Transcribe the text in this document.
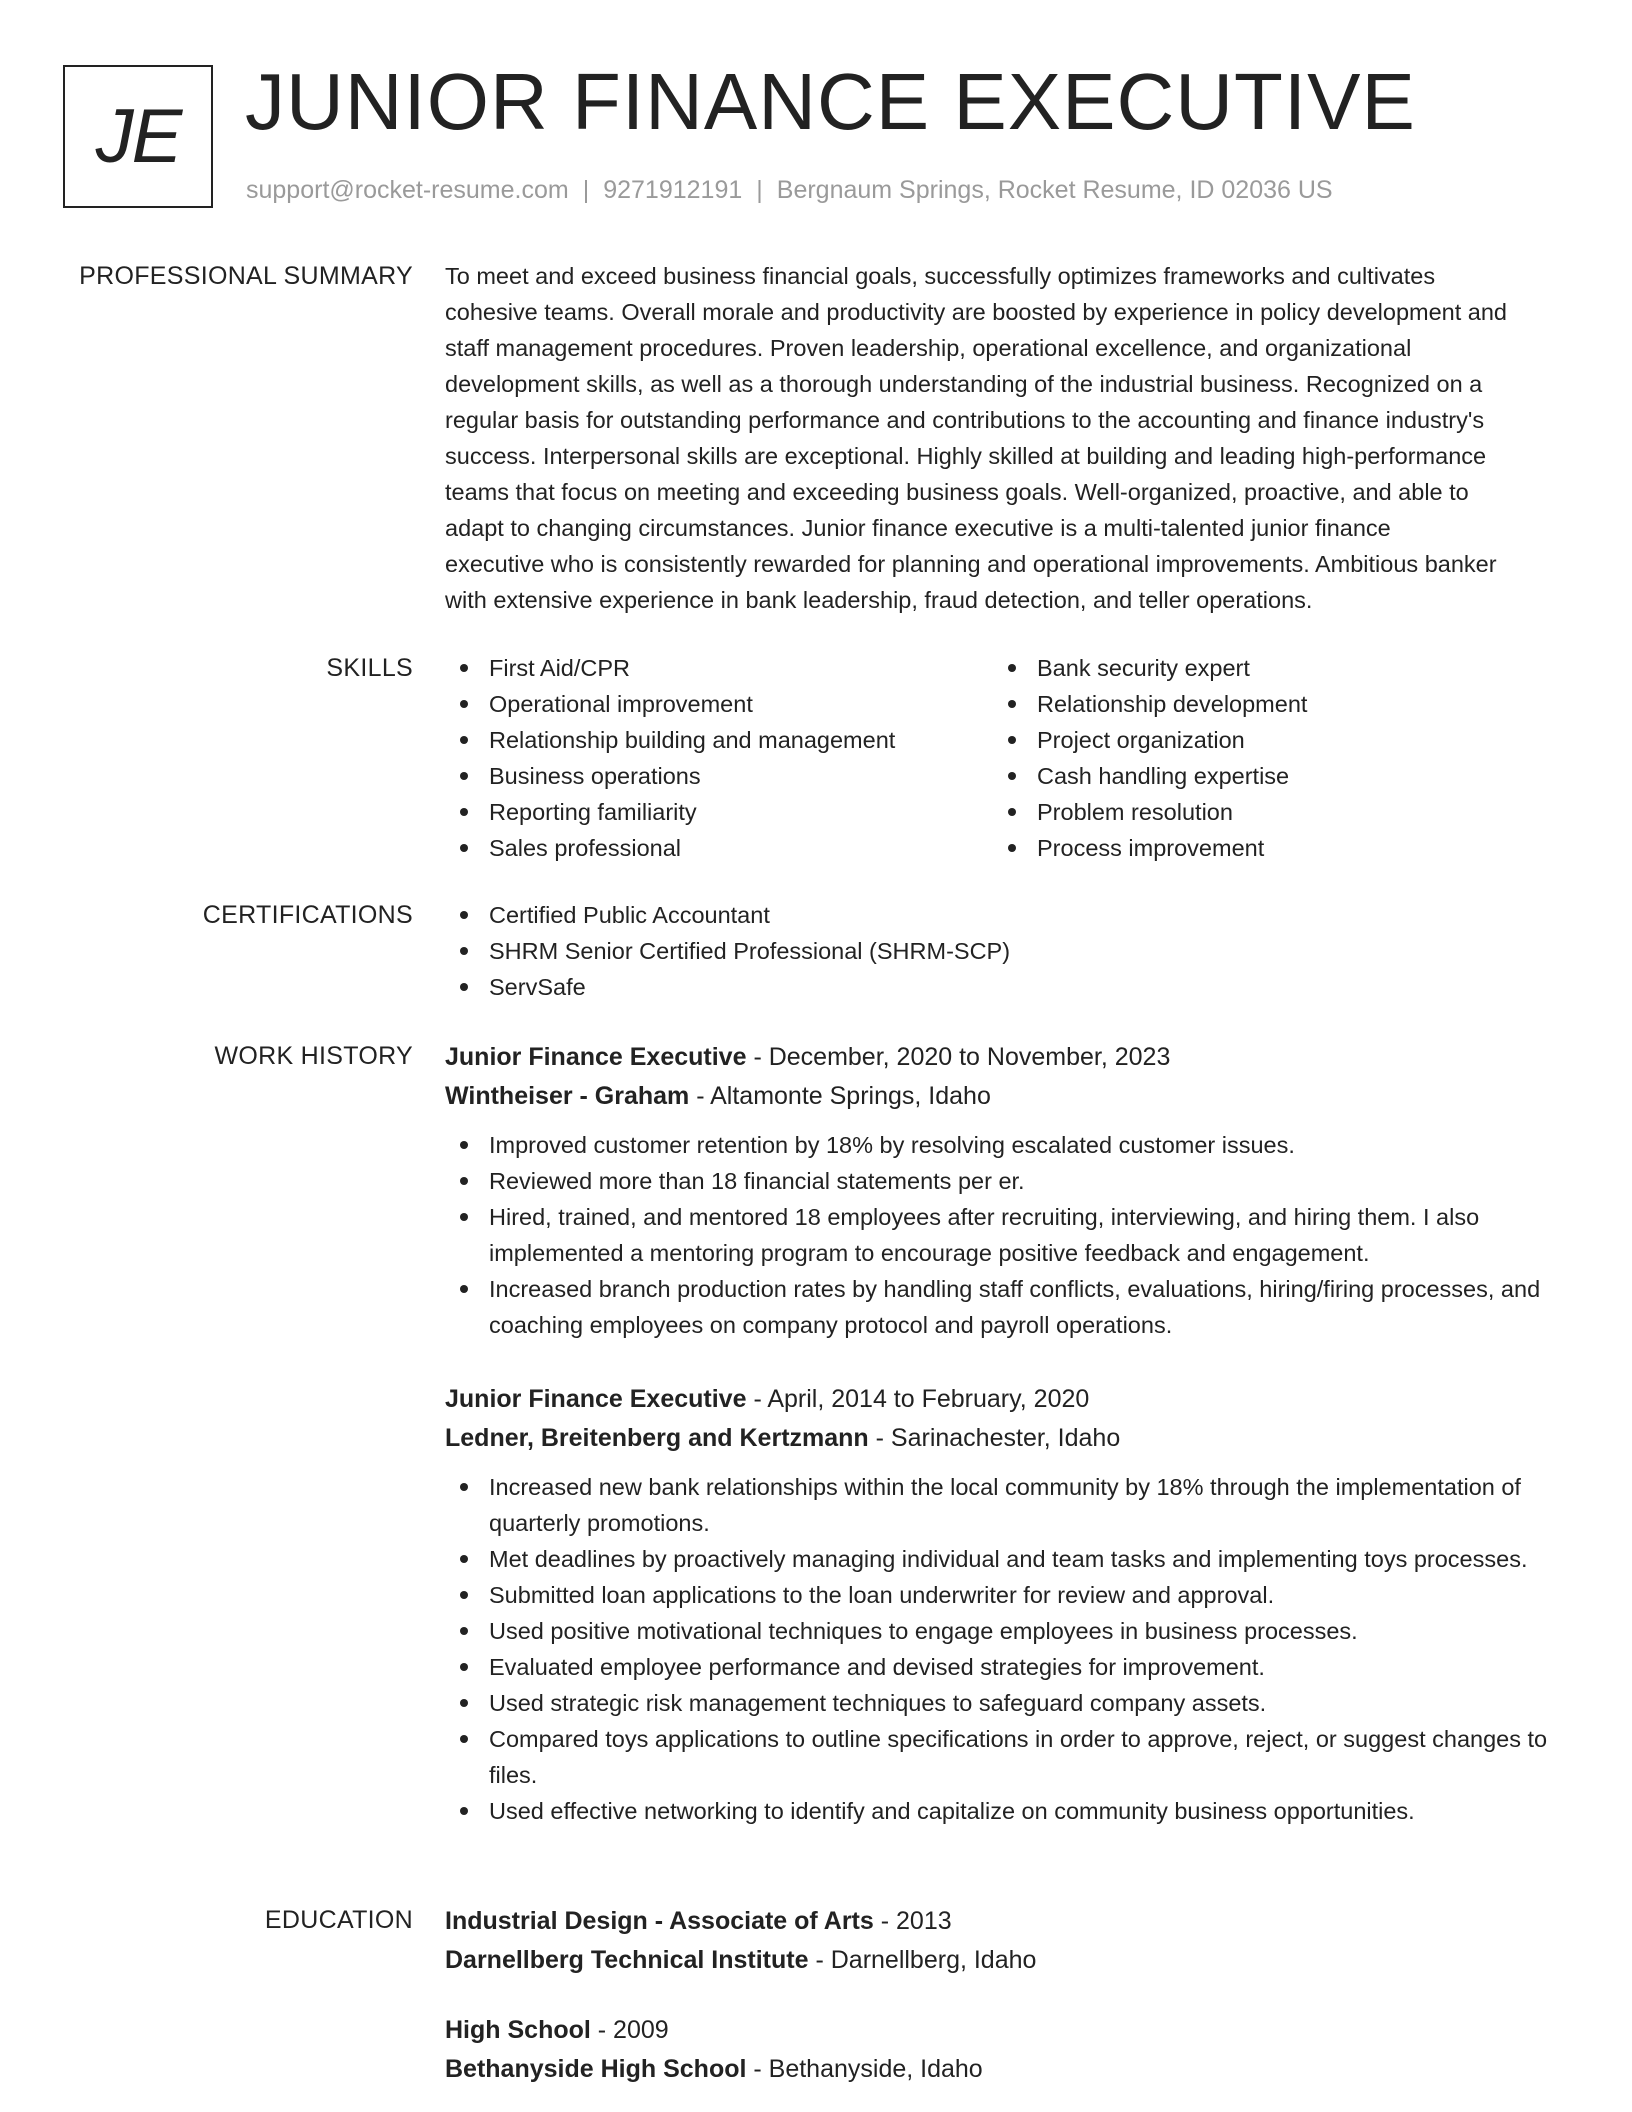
JE JUNIOR FINANCE EXECUTIVE
support@rocket-resume.com | 9271912191 | Bergnaum Springs, Rocket Resume, ID 02036 US
PROFESSIONAL SUMMARY To meet and exceed business financial goals, successfully optimizes frameworks and cultivates
cohesive teams. Overall morale and productivity are boosted by experience in policy development and
staff management procedures. Proven leadership, operational excellence, and organizational
development skills, as well as a thorough understanding of the industrial business. Recognized on a
regular basis for outstanding performance and contributions to the accounting and finance industry's
success. Interpersonal skills are exceptional. Highly skilled at building and leading high-performance
teams that focus on meeting and exceeding business goals. Well-organized, proactive, and able to
adapt to changing circumstances. Junior finance executive is a multi-talented junior finance
executive who is consistently rewarded for planning and operational improvements. Ambitious banker
with extensive experience in bank leadership, fraud detection, and teller operations.
SKILLS	First Aid/CPR
Operational improvement
Relationship building and management
Business operations
Reporting familiarity
Sales professional
Bank security expert
Relationship development
Project organization
Cash handling expertise
Problem resolution
Process improvement
CERTIFICATIONS	Certified Public Accountant
SHRM Senior Certified Professional (SHRM-SCP)
ServSafe
WORK HISTORY Junior Finance Executive - December, 2020 to November, 2023
Wintheiser - Graham - Altamonte Springs, Idaho
Improved customer retention by 18% by resolving escalated customer issues.
Reviewed more than 18 financial statements per er.
Hired, trained, and mentored 18 employees after recruiting, interviewing, and hiring them. I also implemented a mentoring program to encourage positive feedback and engagement.
Increased branch production rates by handling staff conflicts, evaluations, hiring/firing processes, and coaching employees on company protocol and payroll operations.
Junior Finance Executive - April, 2014 to February, 2020
Ledner, Breitenberg and Kertzmann - Sarinachester, Idaho
Increased new bank relationships within the local community by 18% through the implementation of quarterly promotions.
Met deadlines by proactively managing individual and team tasks and implementing toys processes.
Submitted loan applications to the loan underwriter for review and approval.
Used positive motivational techniques to engage employees in business processes.
Evaluated employee performance and devised strategies for improvement.
Used strategic risk management techniques to safeguard company assets.
Compared toys applications to outline specifications in order to approve, reject, or suggest changes to files.
Used effective networking to identify and capitalize on community business opportunities.
EDUCATION Industrial Design - Associate of Arts - 2013
Darnellberg Technical Institute - Darnellberg, Idaho
High School - 2009
Bethanyside High School - Bethanyside, Idaho
